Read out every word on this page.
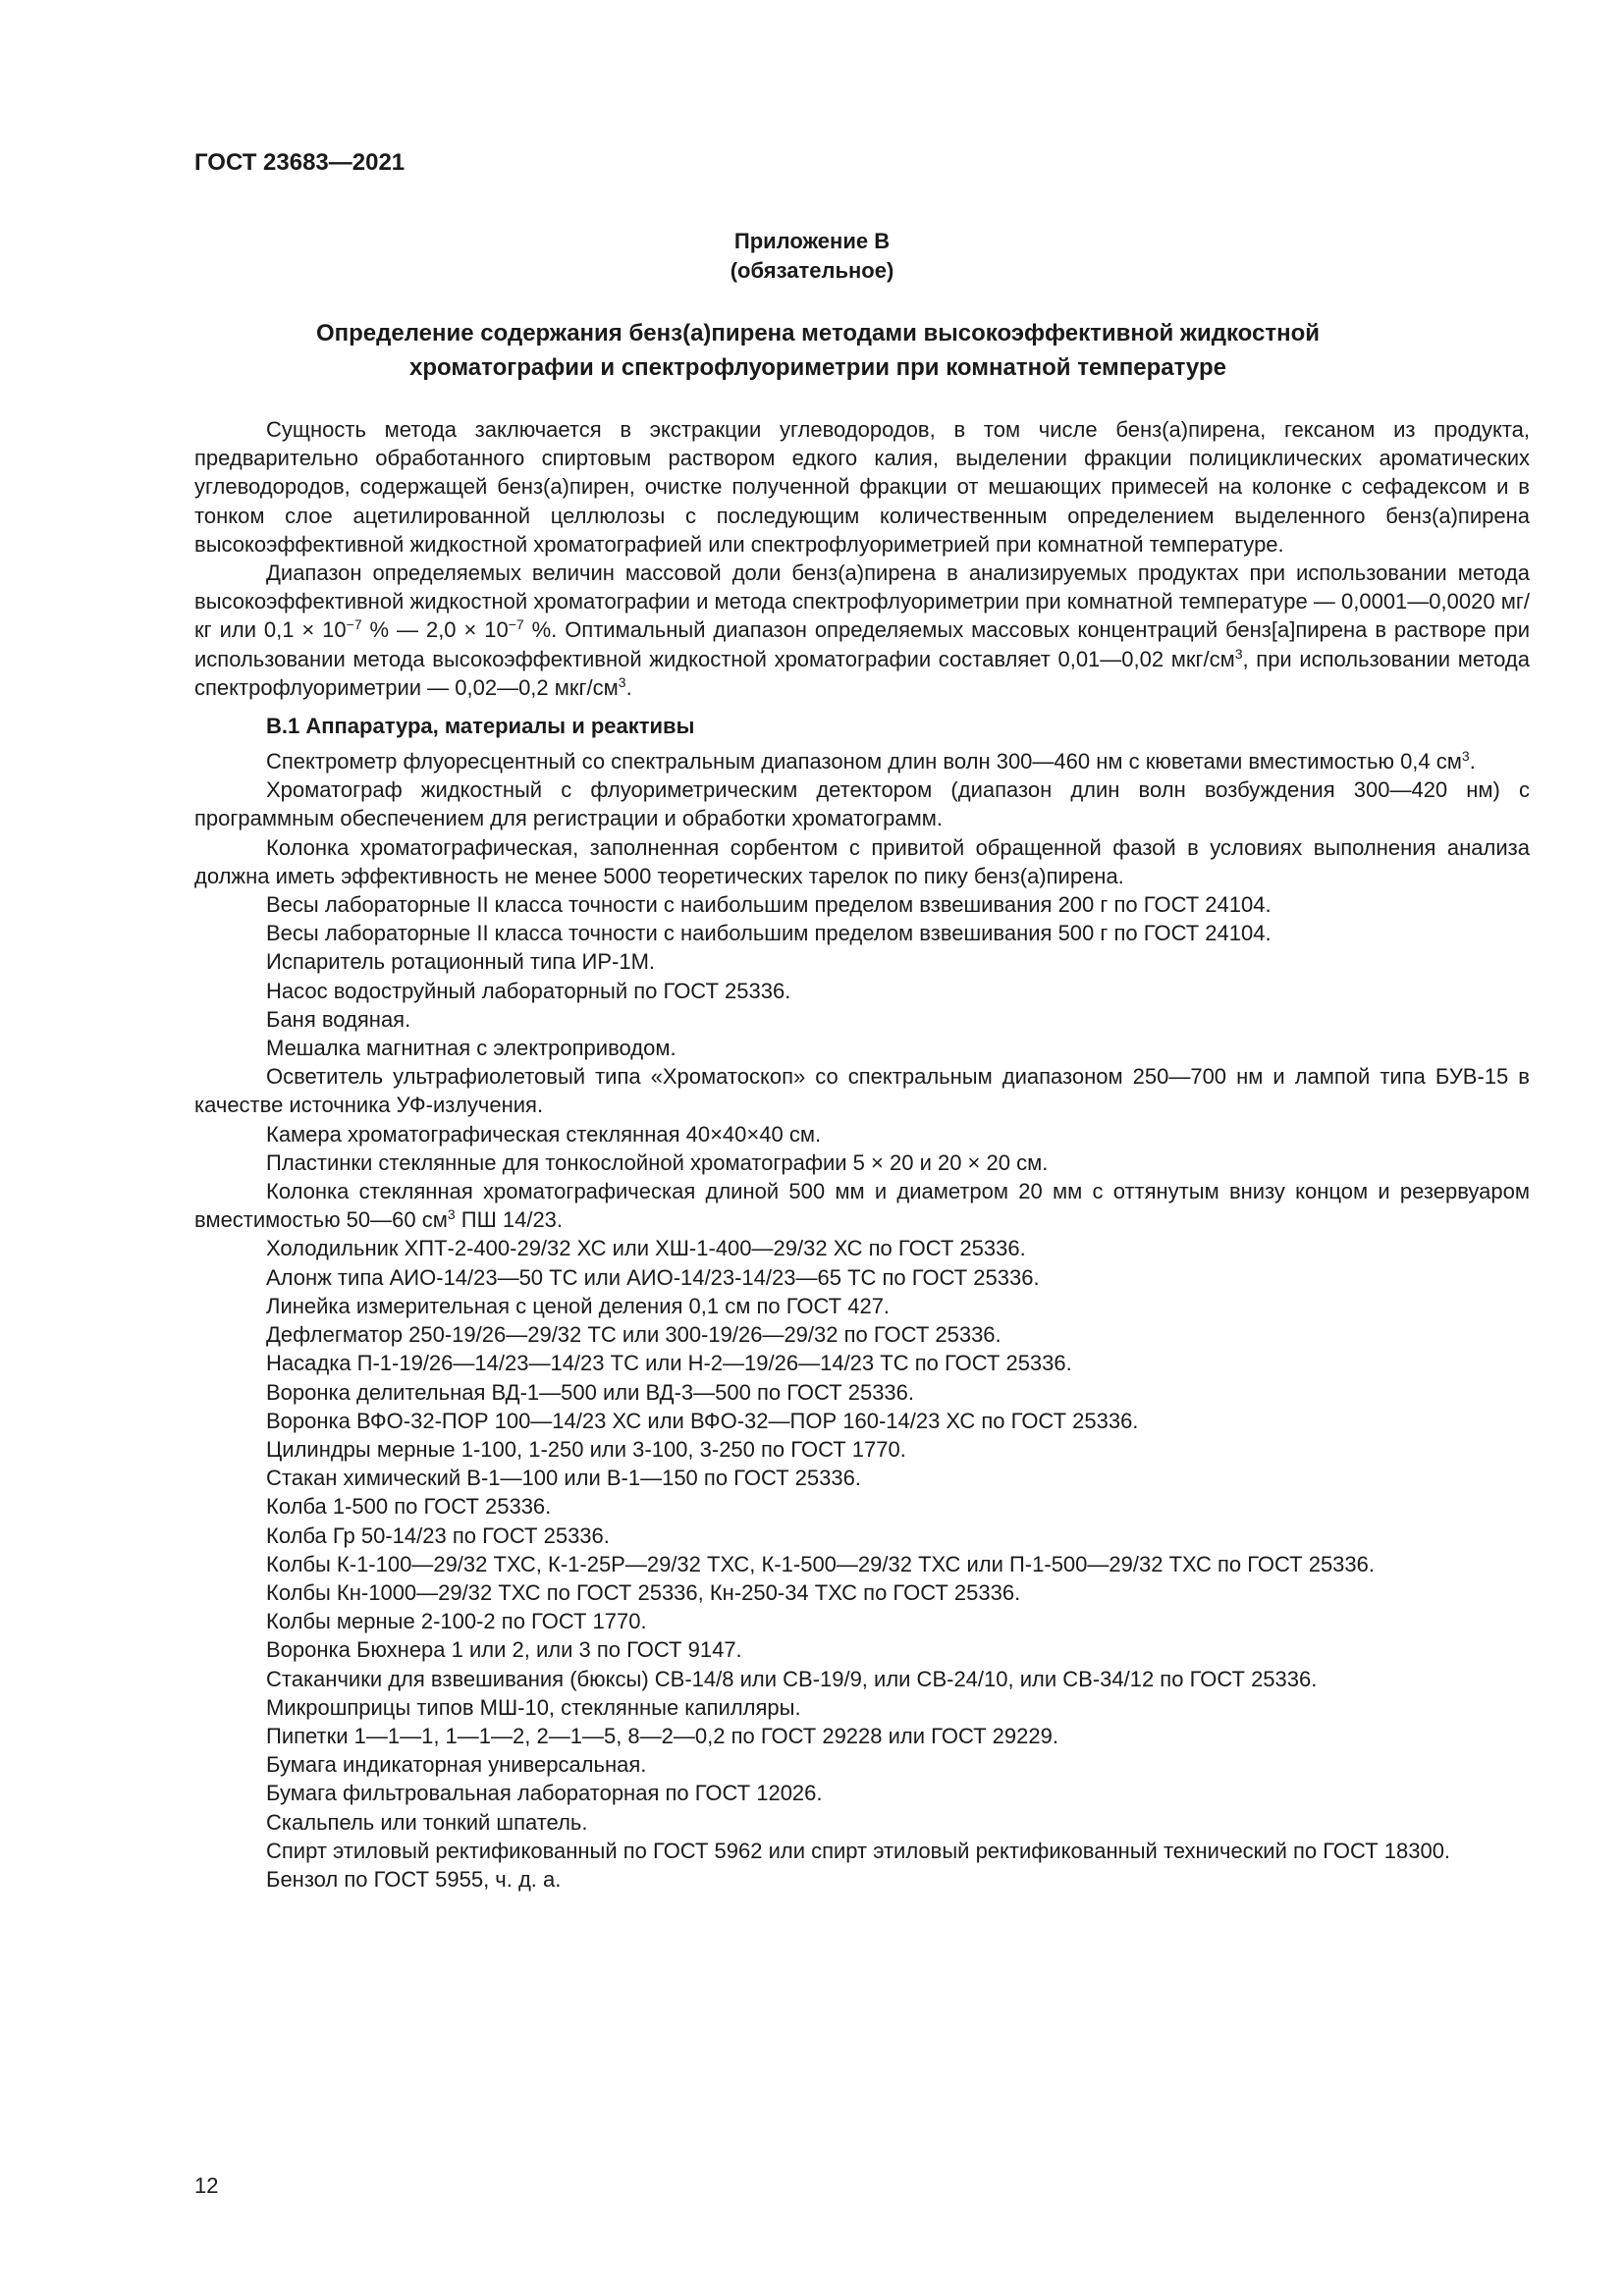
ГОСТ 23683—2021
Приложение В
(обязательное)
Определение содержания бенз(а)пирена методами высокоэффективной жидкостной
хроматографии и спектрофлуориметрии при комнатной температуре

Сущность метода заключается в экстракции углеводородов, в том числе бенз(а)пирена, гексаном из продукта, предварительно обработанного спиртовым раствором едкого калия, выделении фракции полициклических ароматических углеводородов, содержащей бенз(а)пирен, очистке полученной фракции от мешающих примесей на колонке с сефадексом и в тонком слое ацетилированной целлюлозы с последующим количественным определением выделенного бенз(а)пирена высокоэффективной жидкостной хроматографией или спектрофлуориметрией при комнатной температуре.

Диапазон определяемых величин массовой доли бенз(а)пирена в анализируемых продуктах при использовании метода высокоэффективной жидкостной хроматографии и метода спектрофлуориметрии при комнатной температуре — 0,0001—0,0020 мг/кг или $0,1 \times 10^{-7}$ % — $2,0 \times 10^{-7}$ %. Оптимальный диапазон определяемых массовых концентраций бенз[а]пирена в растворе при использовании метода высокоэффективной жидкостной хроматографии составляет 0,01—0,02 мкг/$см^3$, при использовании метода спектрофлуориметрии — 0,02—0,2 мкг/$см^3$.

В.1 Аппаратура, материалы и реактивы

Спектрометр флуоресцентный со спектральным диапазоном длин волн 300—460 нм с кюветами вместимостью 0,4 $см^3$.

Хроматограф жидкостный с флуориметрическим детектором (диапазон длин волн возбуждения 300—420 нм) с программным обеспечением для регистрации и обработки хроматограмм.

Колонка хроматографическая, заполненная сорбентом с привитой обращенной фазой в условиях выполнения анализа должна иметь эффективность не менее 5000 теоретических тарелок по пику бенз(а)пирена.

Весы лабораторные II класса точности с наибольшим пределом взвешивания 200 г по ГОСТ 24104.

Весы лабораторные II класса точности с наибольшим пределом взвешивания 500 г по ГОСТ 24104.

Испаритель ротационный типа ИР-1М.

Насос водоструйный лабораторный по ГОСТ 25336.

Баня водяная.

Мешалка магнитная с электроприводом.

Осветитель ультрафиолетовый типа «Хроматоскоп» со спектральным диапазоном 250—700 нм и лампой типа БУВ-15 в качестве источника УФ-излучения.

Камера хроматографическая стеклянная 40×40×40 см.

Пластинки стеклянные для тонкослойной хроматографии 5 × 20 и 20 × 20 см.

Колонка стеклянная хроматографическая длиной 500 мм и диаметром 20 мм с оттянутым внизу концом и резервуаром вместимостью 50—60 $см^3$ ПШ 14/23.

Холодильник ХПТ-2-400-29/32 ХС или ХШ-1-400—29/32 ХС по ГОСТ 25336.

Алонж типа АИО-14/23—50 ТС или АИО-14/23-14/23—65 ТС по ГОСТ 25336.

Линейка измерительная с ценой деления 0,1 см по ГОСТ 427.

Дефлегматор 250-19/26—29/32 ТС или 300-19/26—29/32 по ГОСТ 25336.

Насадка П-1-19/26—14/23—14/23 ТС или Н-2—19/26—14/23 ТС по ГОСТ 25336.

Воронка делительная ВД-1—500 или ВД-3—500 по ГОСТ 25336.

Воронка ВФО-32-ПОР 100—14/23 ХС или ВФО-32—ПОР 160-14/23 ХС по ГОСТ 25336.

Цилиндры мерные 1-100, 1-250 или 3-100, 3-250 по ГОСТ 1770.

Стакан химический В-1—100 или В-1—150 по ГОСТ 25336.

Колба 1-500 по ГОСТ 25336.

Колба Гр 50-14/23 по ГОСТ 25336.

Колбы К-1-100—29/32 ТХС, К-1-25Р—29/32 ТХС, К-1-500—29/32 ТХС или П-1-500—29/32 ТХС по ГОСТ 25336.

Колбы Кн-1000—29/32 ТХС по ГОСТ 25336, Кн-250-34 ТХС по ГОСТ 25336.

Колбы мерные 2-100-2 по ГОСТ 1770.

Воронка Бюхнера 1 или 2, или 3 по ГОСТ 9147.

Стаканчики для взвешивания (бюксы) СВ-14/8 или СВ-19/9, или СВ-24/10, или СВ-34/12 по ГОСТ 25336.

Микрошприцы типов МШ-10, стеклянные капилляры.

Пипетки 1—1—1, 1—1—2, 2—1—5, 8—2—0,2 по ГОСТ 29228 или ГОСТ 29229.

Бумага индикаторная универсальная.

Бумага фильтровальная лабораторная по ГОСТ 12026.

Скальпель или тонкий шпатель.

Спирт этиловый ректификованный по ГОСТ 5962 или спирт этиловый ректификованный технический по ГОСТ 18300.

Бензол по ГОСТ 5955, ч. д. а.

12
